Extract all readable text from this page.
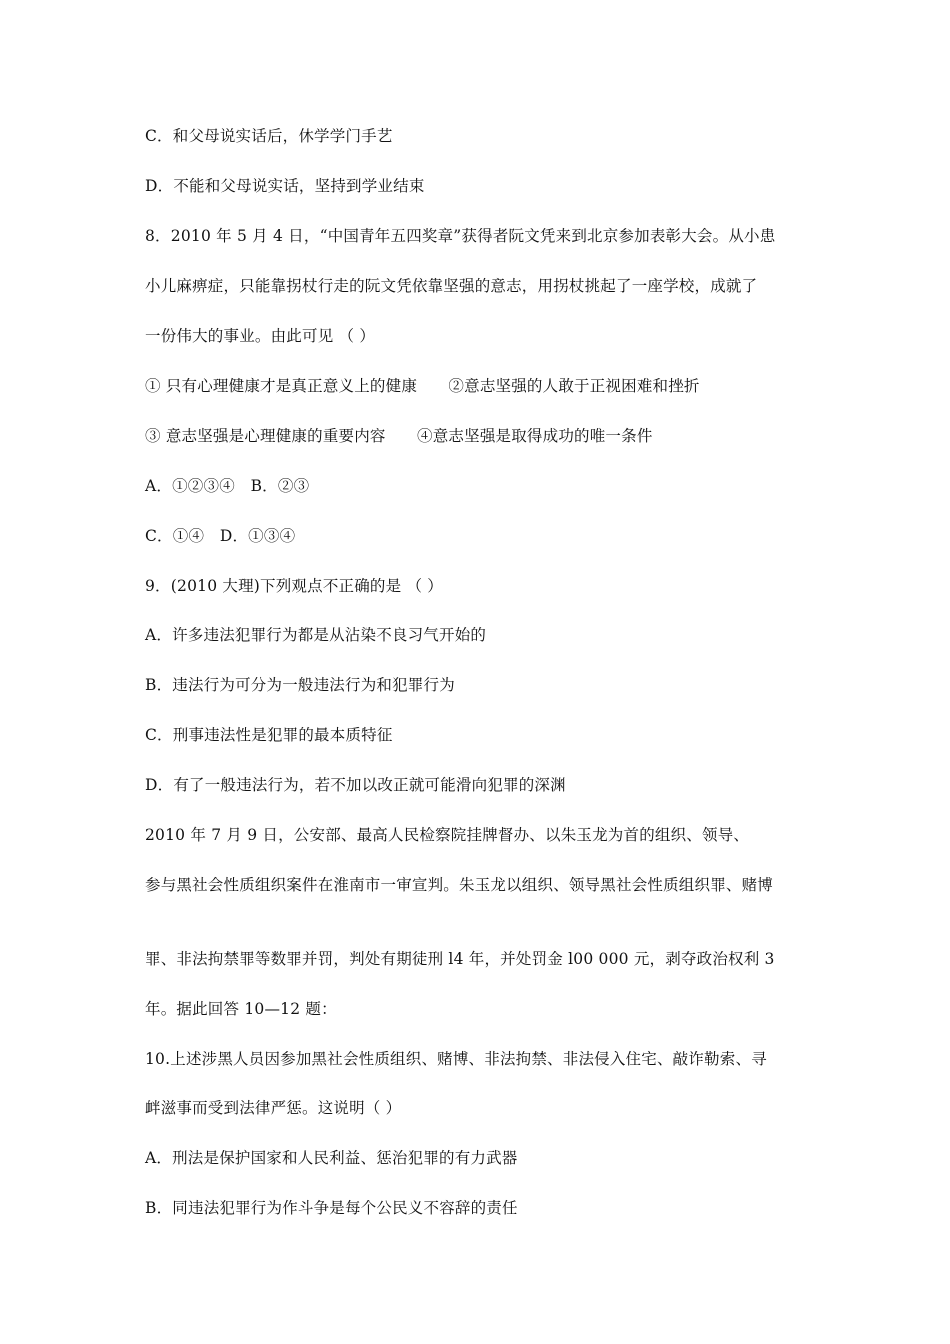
C．和父母说实话后，休学学门手艺
D．不能和父母说实话，坚持到学业结束
8．2010 年 5 月 4 日，“中国青年五四奖章”获得者阮文凭来到北京参加表彰大会。从小患
小儿麻痹症，只能靠拐杖行走的阮文凭依靠坚强的意志，用拐杖挑起了一座学校，成就了
一份伟大的事业。由此可见 （ ）
① 只有心理健康才是真正意义上的健康　　②意志坚强的人敢于正视困难和挫折
③ 意志坚强是心理健康的重要内容　　④意志坚强是取得成功的唯一条件
A．①②③④　B．②③
C．①④　D．①③④
9．(2010 大理)下列观点不正确的是 （ ）
A．许多违法犯罪行为都是从沾染不良习气开始的
B．违法行为可分为一般违法行为和犯罪行为
C．刑事违法性是犯罪的最本质特征
D．有了一般违法行为，若不加以改正就可能滑向犯罪的深渊
2010 年 7 月 9 日，公安部、最高人民检察院挂牌督办、以朱玉龙为首的组织、领导、
参与黑社会性质组织案件在淮南市一审宣判。朱玉龙以组织、领导黑社会性质组织罪、赌博
罪、非法拘禁罪等数罪并罚，判处有期徒刑 l4 年，并处罚金 l00 000 元，剥夺政治权利 3
年。据此回答 10—12 题：
10.上述涉黑人员因参加黑社会性质组织、赌博、非法拘禁、非法侵入住宅、敲诈勒索、寻
衅滋事而受到法律严惩。这说明（ ）
A．刑法是保护国家和人民利益、惩治犯罪的有力武器
B．同违法犯罪行为作斗争是每个公民义不容辞的责任
